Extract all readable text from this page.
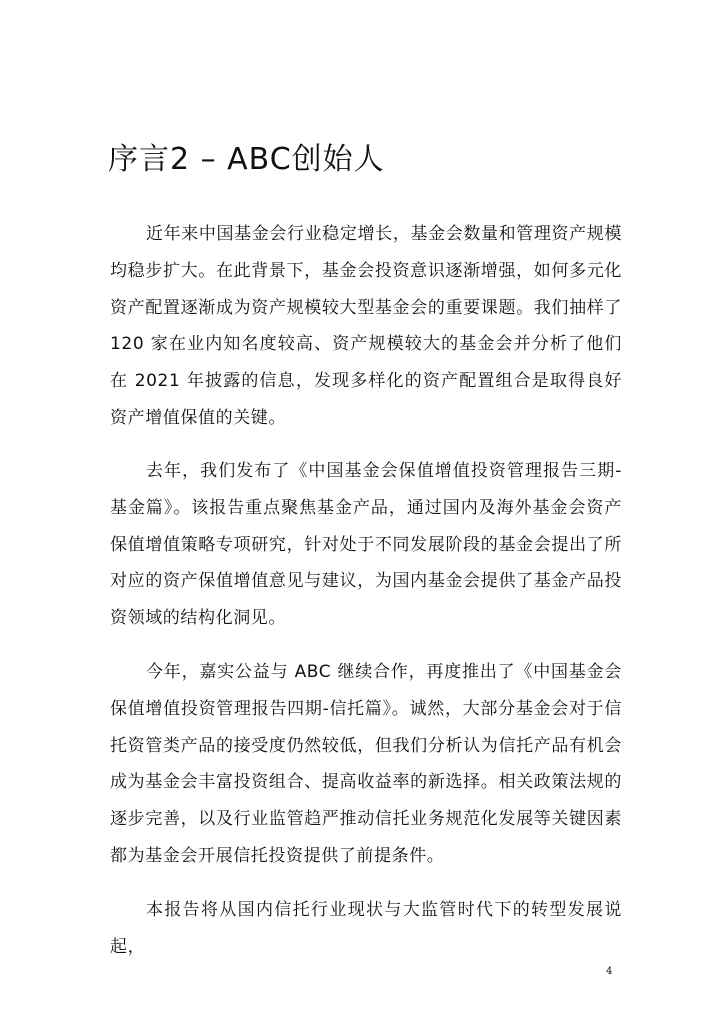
序言2 – ABC创始人

近年来中国基金会行业稳定增长，基金会数量和管理资产规模均稳步扩大。在此背景下，基金会投资意识逐渐增强，如何多元化资产配置逐渐成为资产规模较大型基金会的重要课题。我们抽样了 120 家在业内知名度较高、资产规模较大的基金会并分析了他们在 2021 年披露的信息，发现多样化的资产配置组合是取得良好资产增值保值的关键。

去年，我们发布了《中国基金会保值增值投资管理报告三期-基金篇》。该报告重点聚焦基金产品，通过国内及海外基金会资产保值增值策略专项研究，针对处于不同发展阶段的基金会提出了所对应的资产保值增值意见与建议，为国内基金会提供了基金产品投资领域的结构化洞见。

今年，嘉实公益与 ABC 继续合作，再度推出了《中国基金会保值增值投资管理报告四期-信托篇》。诚然，大部分基金会对于信托资管类产品的接受度仍然较低，但我们分析认为信托产品有机会成为基金会丰富投资组合、提高收益率的新选择。相关政策法规的逐步完善，以及行业监管趋严推动信托业务规范化发展等关键因素都为基金会开展信托投资提供了前提条件。

本报告将从国内信托行业现状与大监管时代下的转型发展说起，

4
